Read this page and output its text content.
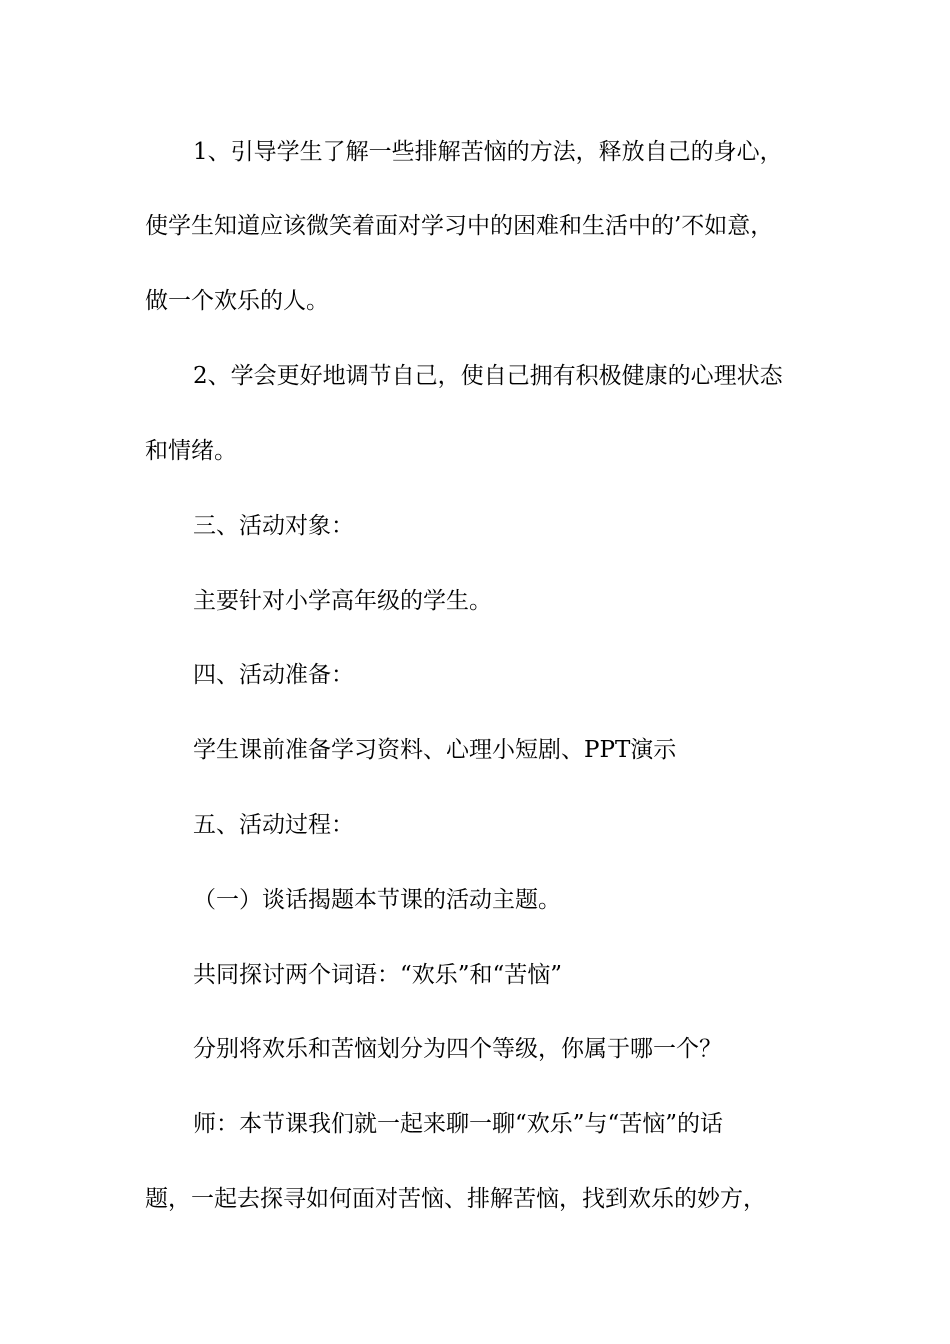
1、引导学生了解一些排解苦恼的方法，释放自己的身心，
使学生知道应该微笑着面对学习中的困难和生活中的’不如意，
做一个欢乐的人。
2、学会更好地调节自己，使自己拥有积极健康的心理状态
和情绪。
三、活动对象：
主要针对小学高年级的学生。
四、活动准备：
学生课前准备学习资料、心理小短剧、PPT演示
五、活动过程：
（一）谈话揭题本节课的活动主题。
共同探讨两个词语：“欢乐”和“苦恼”
分别将欢乐和苦恼划分为四个等级，你属于哪一个？
师：本节课我们就一起来聊一聊“欢乐”与“苦恼”的话
题，一起去探寻如何面对苦恼、排解苦恼，找到欢乐的妙方，
